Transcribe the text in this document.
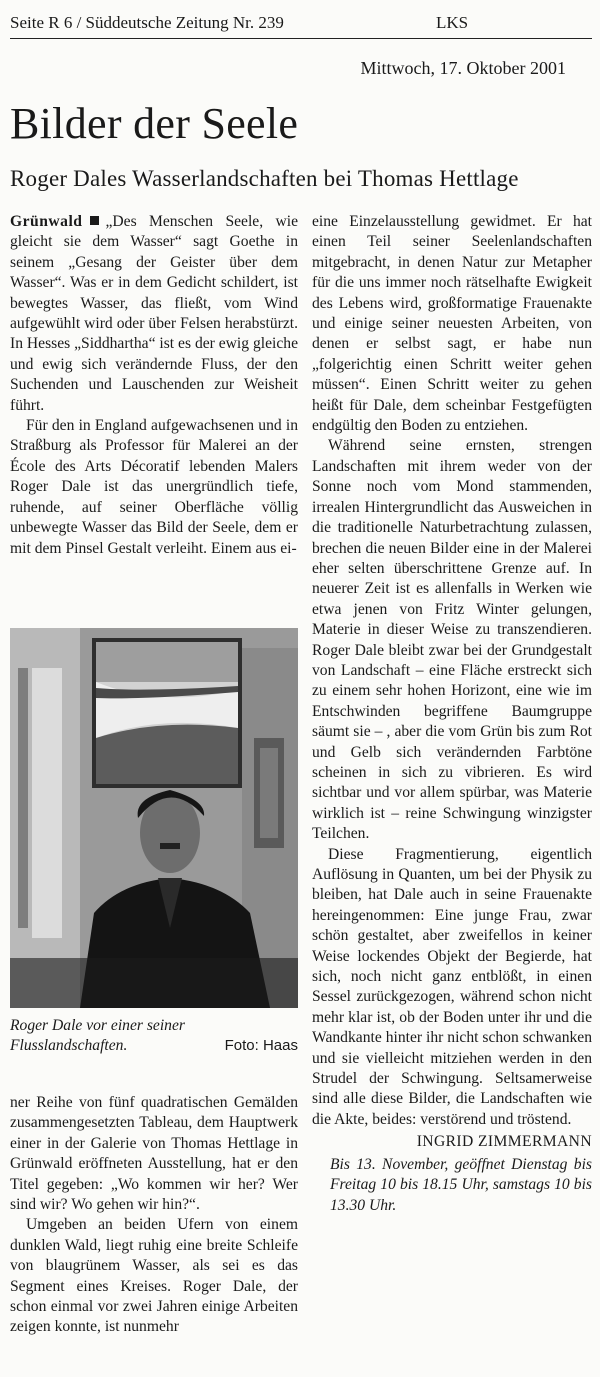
Seite R 6 / Süddeutsche Zeitung Nr. 239	LKS
Mittwoch, 17. Oktober 2001
Bilder der Seele
Roger Dales Wasserlandschaften bei Thomas Hettlage

Grünwald „Des Menschen Seele, wie gleicht sie dem Wasser“ sagt Goethe in seinem „Gesang der Geister über dem Wasser“. Was er in dem Gedicht schildert, ist bewegtes Wasser, das fließt, vom Wind aufgewühlt wird oder über Felsen herabstürzt. In Hesses „Siddhartha“ ist es der ewig gleiche und ewig sich verändernde Fluss, der den Suchenden und Lauschenden zur Weisheit führt.

Für den in England aufgewachsenen und in Straßburg als Professor für Malerei an der École des Arts Décoratif lebenden Malers Roger Dale ist das unergründlich tiefe, ruhende, auf seiner Oberfläche völlig unbewegte Wasser das Bild der Seele, dem er mit dem Pinsel Gestalt verleiht. Einem aus ei-

Roger Dale vor einer seiner Flusslandschaften.	Foto: Haas

ner Reihe von fünf quadratischen Gemälden zusammengesetzten Tableau, dem Hauptwerk einer in der Galerie von Thomas Hettlage in Grünwald eröffneten Ausstellung, hat er den Titel gegeben: „Wo kommen wir her? Wer sind wir? Wo gehen wir hin?“.

Umgeben an beiden Ufern von einem dunklen Wald, liegt ruhig eine breite Schleife von blaugrünem Wasser, als sei es das Segment eines Kreises. Roger Dale, der schon einmal vor zwei Jahren einige Arbeiten zeigen konnte, ist nunmehr

eine Einzelausstellung gewidmet. Er hat einen Teil seiner Seelenlandschaften mitgebracht, in denen Natur zur Metapher für die uns immer noch rätselhafte Ewigkeit des Lebens wird, großformatige Frauenakte und einige seiner neuesten Arbeiten, von denen er selbst sagt, er habe nun „folgerichtig einen Schritt weiter gehen müssen“. Einen Schritt weiter zu gehen heißt für Dale, dem scheinbar Festgefügten endgültig den Boden zu entziehen.

Während seine ernsten, strengen Landschaften mit ihrem weder von der Sonne noch vom Mond stammenden, irrealen Hintergrundlicht das Ausweichen in die traditionelle Naturbetrachtung zulassen, brechen die neuen Bilder eine in der Malerei eher selten überschrittene Grenze auf. In neuerer Zeit ist es allenfalls in Werken wie etwa jenen von Fritz Winter gelungen, Materie in dieser Weise zu transzendieren. Roger Dale bleibt zwar bei der Grundgestalt von Landschaft – eine Fläche erstreckt sich zu einem sehr hohen Horizont, eine wie im Entschwinden begriffene Baumgruppe säumt sie – , aber die vom Grün bis zum Rot und Gelb sich verändernden Farbtöne scheinen in sich zu vibrieren. Es wird sichtbar und vor allem spürbar, was Materie wirklich ist – reine Schwingung winzigster Teilchen.

Diese Fragmentierung, eigentlich Auflösung in Quanten, um bei der Physik zu bleiben, hat Dale auch in seine Frauenakte hereingenommen: Eine junge Frau, zwar schön gestaltet, aber zweifellos in keiner Weise lockendes Objekt der Begierde, hat sich, noch nicht ganz entblößt, in einen Sessel zurückgezogen, während schon nicht mehr klar ist, ob der Boden unter ihr und die Wandkante hinter ihr nicht schon schwanken und sie vielleicht mitziehen werden in den Strudel der Schwingung. Seltsamerweise sind alle diese Bilder, die Landschaften wie die Akte, beides: verstörend und tröstend.

INGRID ZIMMERMANN
Bis 13. November, geöffnet Dienstag bis Freitag 10 bis 18.15 Uhr, samstags 10 bis 13.30 Uhr.
